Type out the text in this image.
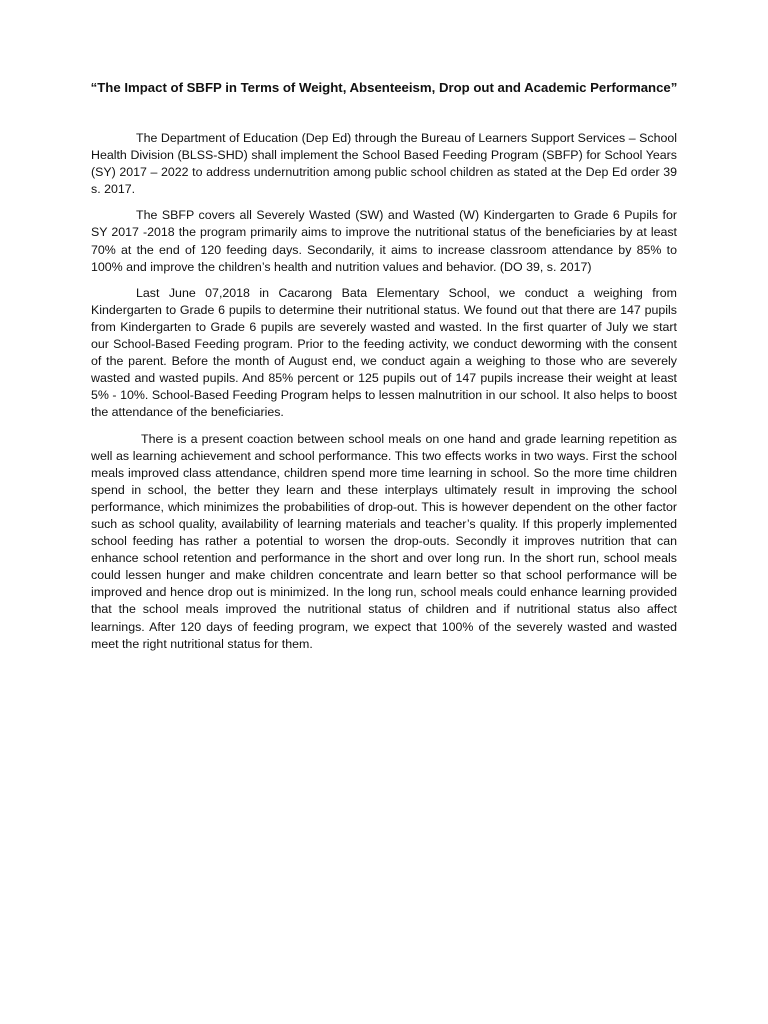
“The Impact of SBFP in Terms of Weight, Absenteeism, Drop out and Academic Performance”

The Department of Education (Dep Ed) through the Bureau of Learners Support Services – School Health Division (BLSS-SHD) shall implement the School Based Feeding Program (SBFP) for School Years (SY) 2017 – 2022 to address undernutrition among public school children as stated at the Dep Ed order 39 s. 2017.

The SBFP covers all Severely Wasted (SW) and Wasted (W) Kindergarten to Grade 6 Pupils for SY 2017 -2018 the program primarily aims to improve the nutritional status of the beneficiaries by at least 70% at the end of 120 feeding days. Secondarily, it aims to increase classroom attendance by 85% to 100% and improve the children’s health and nutrition values and behavior. (DO 39, s. 2017)

Last June 07,2018 in Cacarong Bata Elementary School, we conduct a weighing from Kindergarten to Grade 6 pupils to determine their nutritional status. We found out that there are 147 pupils from Kindergarten to Grade 6 pupils are severely wasted and wasted. In the first quarter of July we start our School-Based Feeding program. Prior to the feeding activity, we conduct deworming with the consent of the parent. Before the month of August end, we conduct again a weighing to those who are severely wasted and wasted pupils. And 85% percent or 125 pupils out of 147 pupils increase their weight at least 5% - 10%. School-Based Feeding Program helps to lessen malnutrition in our school. It also helps to boost the attendance of the beneficiaries.

There is a present coaction between school meals on one hand and grade learning repetition as well as learning achievement and school performance. This two effects works in two ways. First the school meals improved class attendance, children spend more time learning in school. So the more time children spend in school, the better they learn and these interplays ultimately result in improving the school performance, which minimizes the probabilities of drop-out. This is however dependent on the other factor such as school quality, availability of learning materials and teacher’s quality. If this properly implemented school feeding has rather a potential to worsen the drop-outs. Secondly it improves nutrition that can enhance school retention and performance in the short and over long run. In the short run, school meals could lessen hunger and make children concentrate and learn better so that school performance will be improved and hence drop out is minimized. In the long run, school meals could enhance learning provided that the school meals improved the nutritional status of children and if nutritional status also affect learnings. After 120 days of feeding program, we expect that 100% of the severely wasted and wasted meet the right nutritional status for them.
